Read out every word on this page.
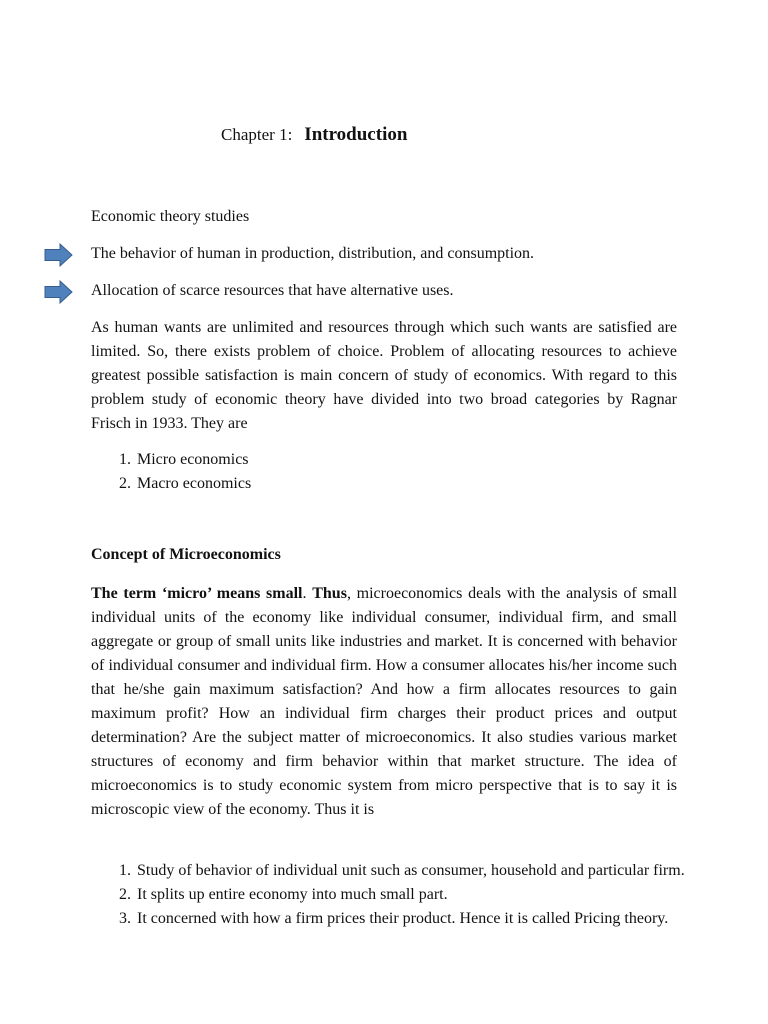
Chapter 1: Introduction
Economic theory studies
The behavior of human in production, distribution, and consumption.
Allocation of scarce resources that have alternative uses.
As human wants are unlimited and resources through which such wants are satisfied are limited. So, there exists problem of choice. Problem of allocating resources to achieve greatest possible satisfaction is main concern of study of economics. With regard to this problem study of economic theory have divided into two broad categories by Ragnar Frisch in 1933. They are
1. Micro economics
2. Macro economics
Concept of Microeconomics
The term ‘micro’ means small. Thus, microeconomics deals with the analysis of small individual units of the economy like individual consumer, individual firm, and small aggregate or group of small units like industries and market. It is concerned with behavior of individual consumer and individual firm. How a consumer allocates his/her income such that he/she gain maximum satisfaction? And how a firm allocates resources to gain maximum profit? How an individual firm charges their product prices and output determination? Are the subject matter of microeconomics. It also studies various market structures of economy and firm behavior within that market structure. The idea of microeconomics is to study economic system from micro perspective that is to say it is microscopic view of the economy. Thus it is
1. Study of behavior of individual unit such as consumer, household and particular firm.
2. It splits up entire economy into much small part.
3. It concerned with how a firm prices their product. Hence it is called Pricing theory.
